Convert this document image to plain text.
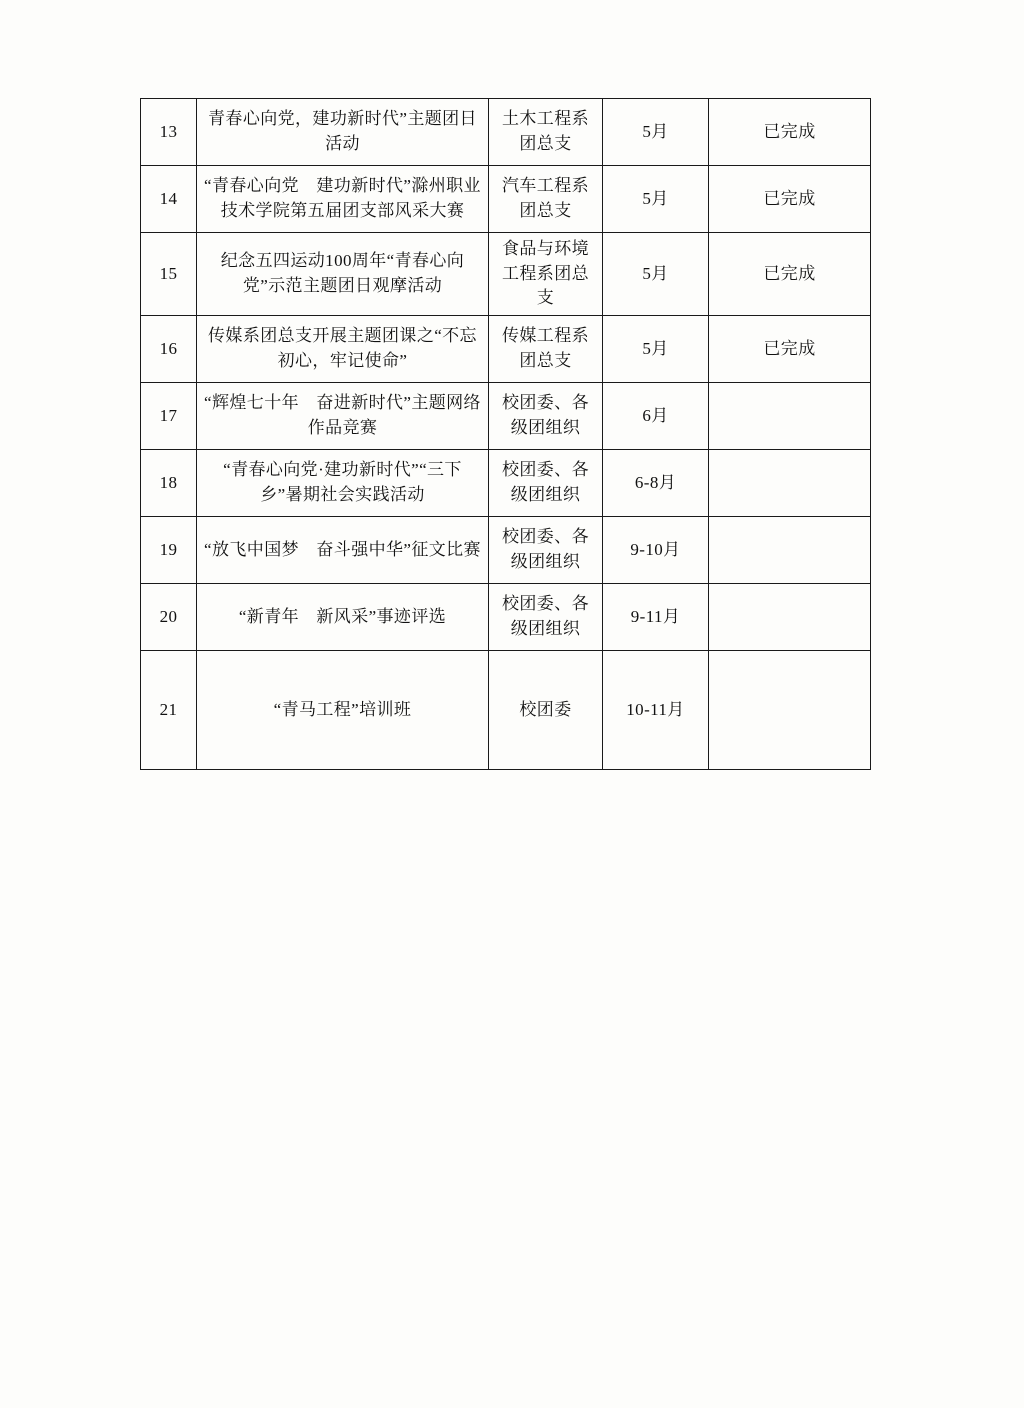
13	青春心向党，建功新时代”主题团日活动	土木工程系团总支	5月	已完成
14	“青春心向党　建功新时代”滁州职业技术学院第五届团支部风采大赛	汽车工程系团总支	5月	已完成
15	纪念五四运动100周年“青春心向党”示范主题团日观摩活动	食品与环境工程系团总支	5月	已完成
16	传媒系团总支开展主题团课之“不忘初心，牢记使命”	传媒工程系团总支	5月	已完成
17	“辉煌七十年　奋进新时代”主题网络作品竞赛	校团委、各级团组织	6月	
18	“青春心向党·建功新时代”“三下乡”暑期社会实践活动	校团委、各级团组织	6-8月	
19	“放飞中国梦　奋斗强中华”征文比赛	校团委、各级团组织	9-10月	
20	“新青年　新风采”事迹评选	校团委、各级团组织	9-11月	
21	“青马工程”培训班	校团委	10-11月	
